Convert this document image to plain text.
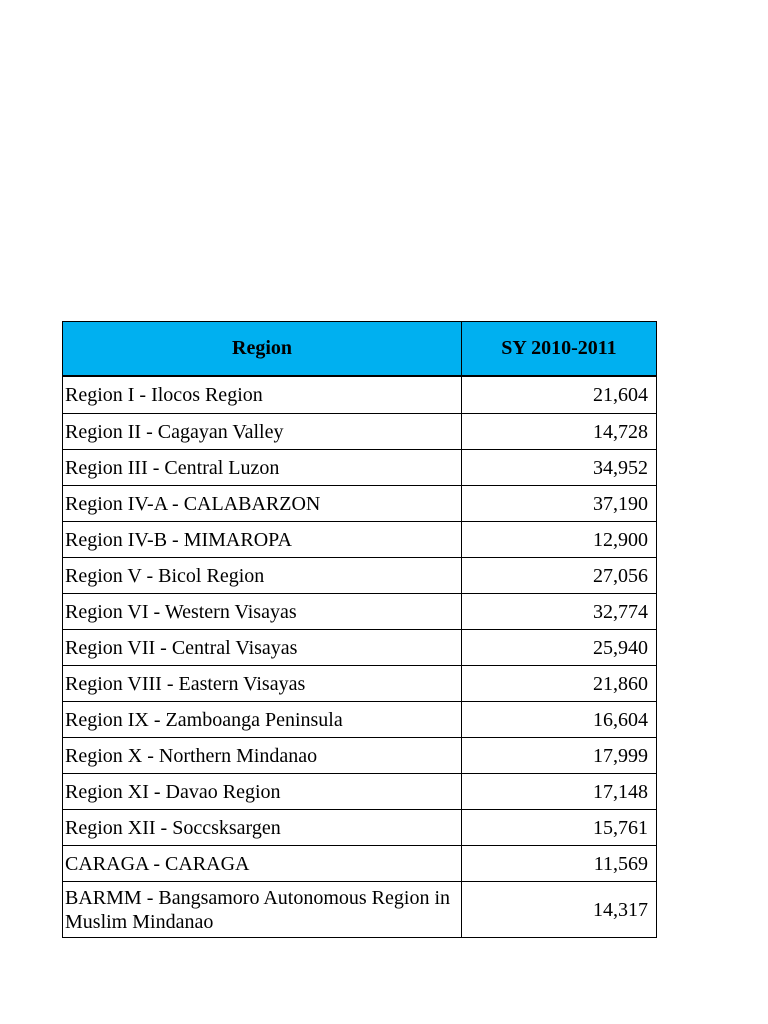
Region	SY 2010-2011
Region I - Ilocos Region	21,604
Region II - Cagayan Valley	14,728
Region III - Central Luzon	34,952
Region IV-A - CALABARZON	37,190
Region IV-B - MIMAROPA	12,900
Region V - Bicol Region	27,056
Region VI - Western Visayas	32,774
Region VII - Central Visayas	25,940
Region VIII - Eastern Visayas	21,860
Region IX - Zamboanga Peninsula	16,604
Region X - Northern Mindanao	17,999
Region XI - Davao Region	17,148
Region XII - Soccsksargen	15,761
CARAGA - CARAGA	11,569
BARMM - Bangsamoro Autonomous Region in Muslim Mindanao	14,317
